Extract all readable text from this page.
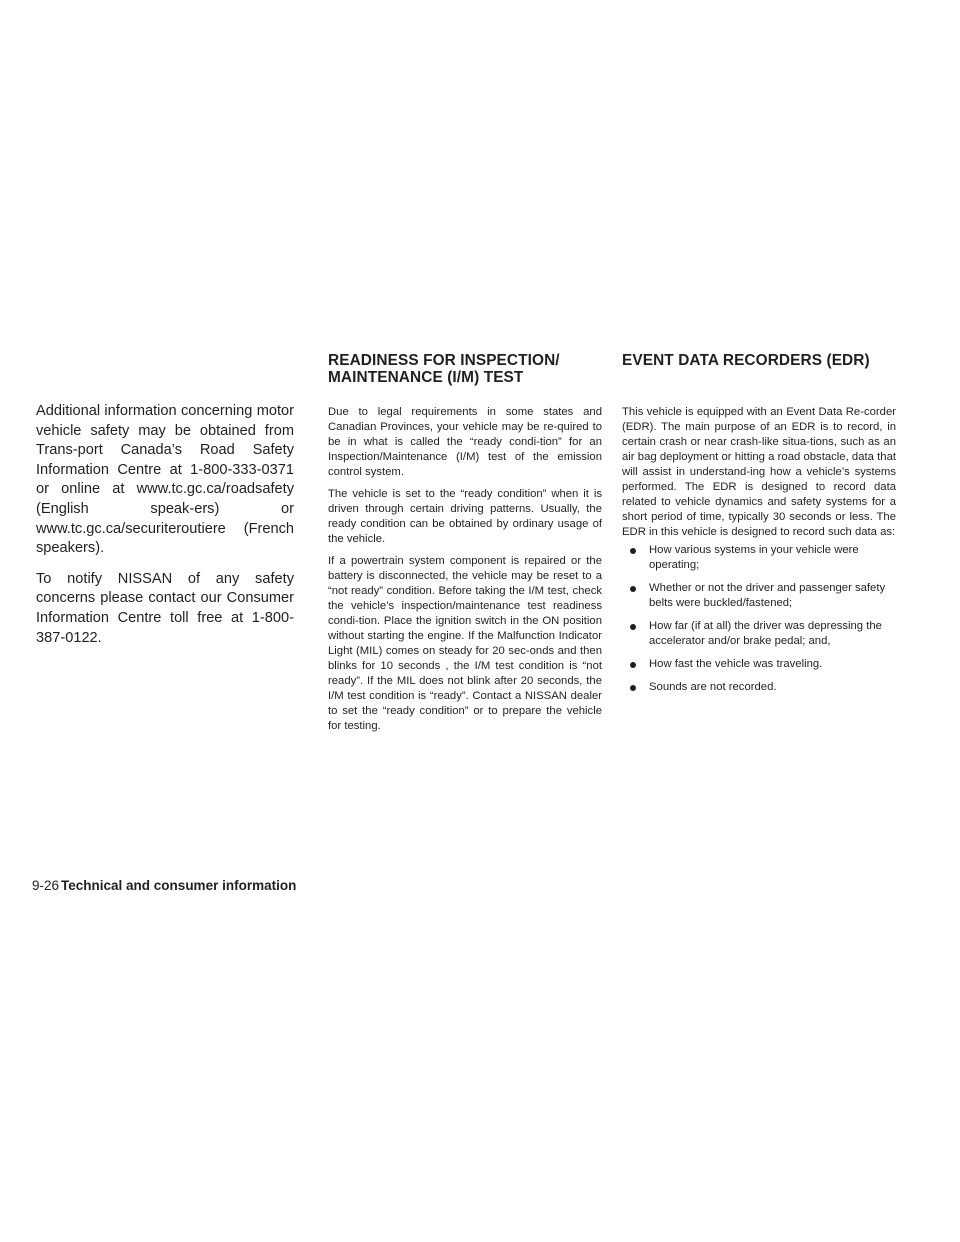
Additional information concerning motor vehicle safety may be obtained from Trans-port Canada’s Road Safety Information Centre at 1-800-333-0371 or online at www.tc.gc.ca/roadsafety (English speak-ers) or www.tc.gc.ca/securiteroutiere (French speakers).

To notify NISSAN of any safety concerns please contact our Consumer Information Centre toll free at 1-800-387-0122.

READINESS FOR INSPECTION/
MAINTENANCE (I/M) TEST
EVENT DATA RECORDERS (EDR)

Due to legal requirements in some states and Canadian Provinces, your vehicle may be re-quired to be in what is called the “ready condi-tion” for an Inspection/Maintenance (I/M) test of the emission control system.

The vehicle is set to the “ready condition” when it is driven through certain driving patterns. Usually, the ready condition can be obtained by ordinary usage of the vehicle.

If a powertrain system component is repaired or the battery is disconnected, the vehicle may be reset to a “not ready” condition. Before taking the I/M test, check the vehicle’s inspection/maintenance test readiness condi-tion. Place the ignition switch in the ON position without starting the engine. If the Malfunction Indicator Light (MIL) comes on steady for 20 sec-onds and then blinks for 10 seconds , the I/M test condition is “not ready”. If the MIL does not blink after 20 seconds, the I/M test condition is “ready”. Contact a NISSAN dealer to set the “ready condition” or to prepare the vehicle for testing.

This vehicle is equipped with an Event Data Re-corder (EDR). The main purpose of an EDR is to record, in certain crash or near crash-like situa-tions, such as an air bag deployment or hitting a road obstacle, data that will assist in understand-ing how a vehicle’s systems performed. The EDR is designed to record data related to vehicle dynamics and safety systems for a short period of time, typically 30 seconds or less. The EDR in this vehicle is designed to record such data as:

How various systems in your vehicle were operating;
Whether or not the driver and passenger safety belts were buckled/fastened;
How far (if at all) the driver was depressing the accelerator and/or brake pedal; and,
How fast the vehicle was traveling.
Sounds are not recorded.
9-26 Technical and consumer information
